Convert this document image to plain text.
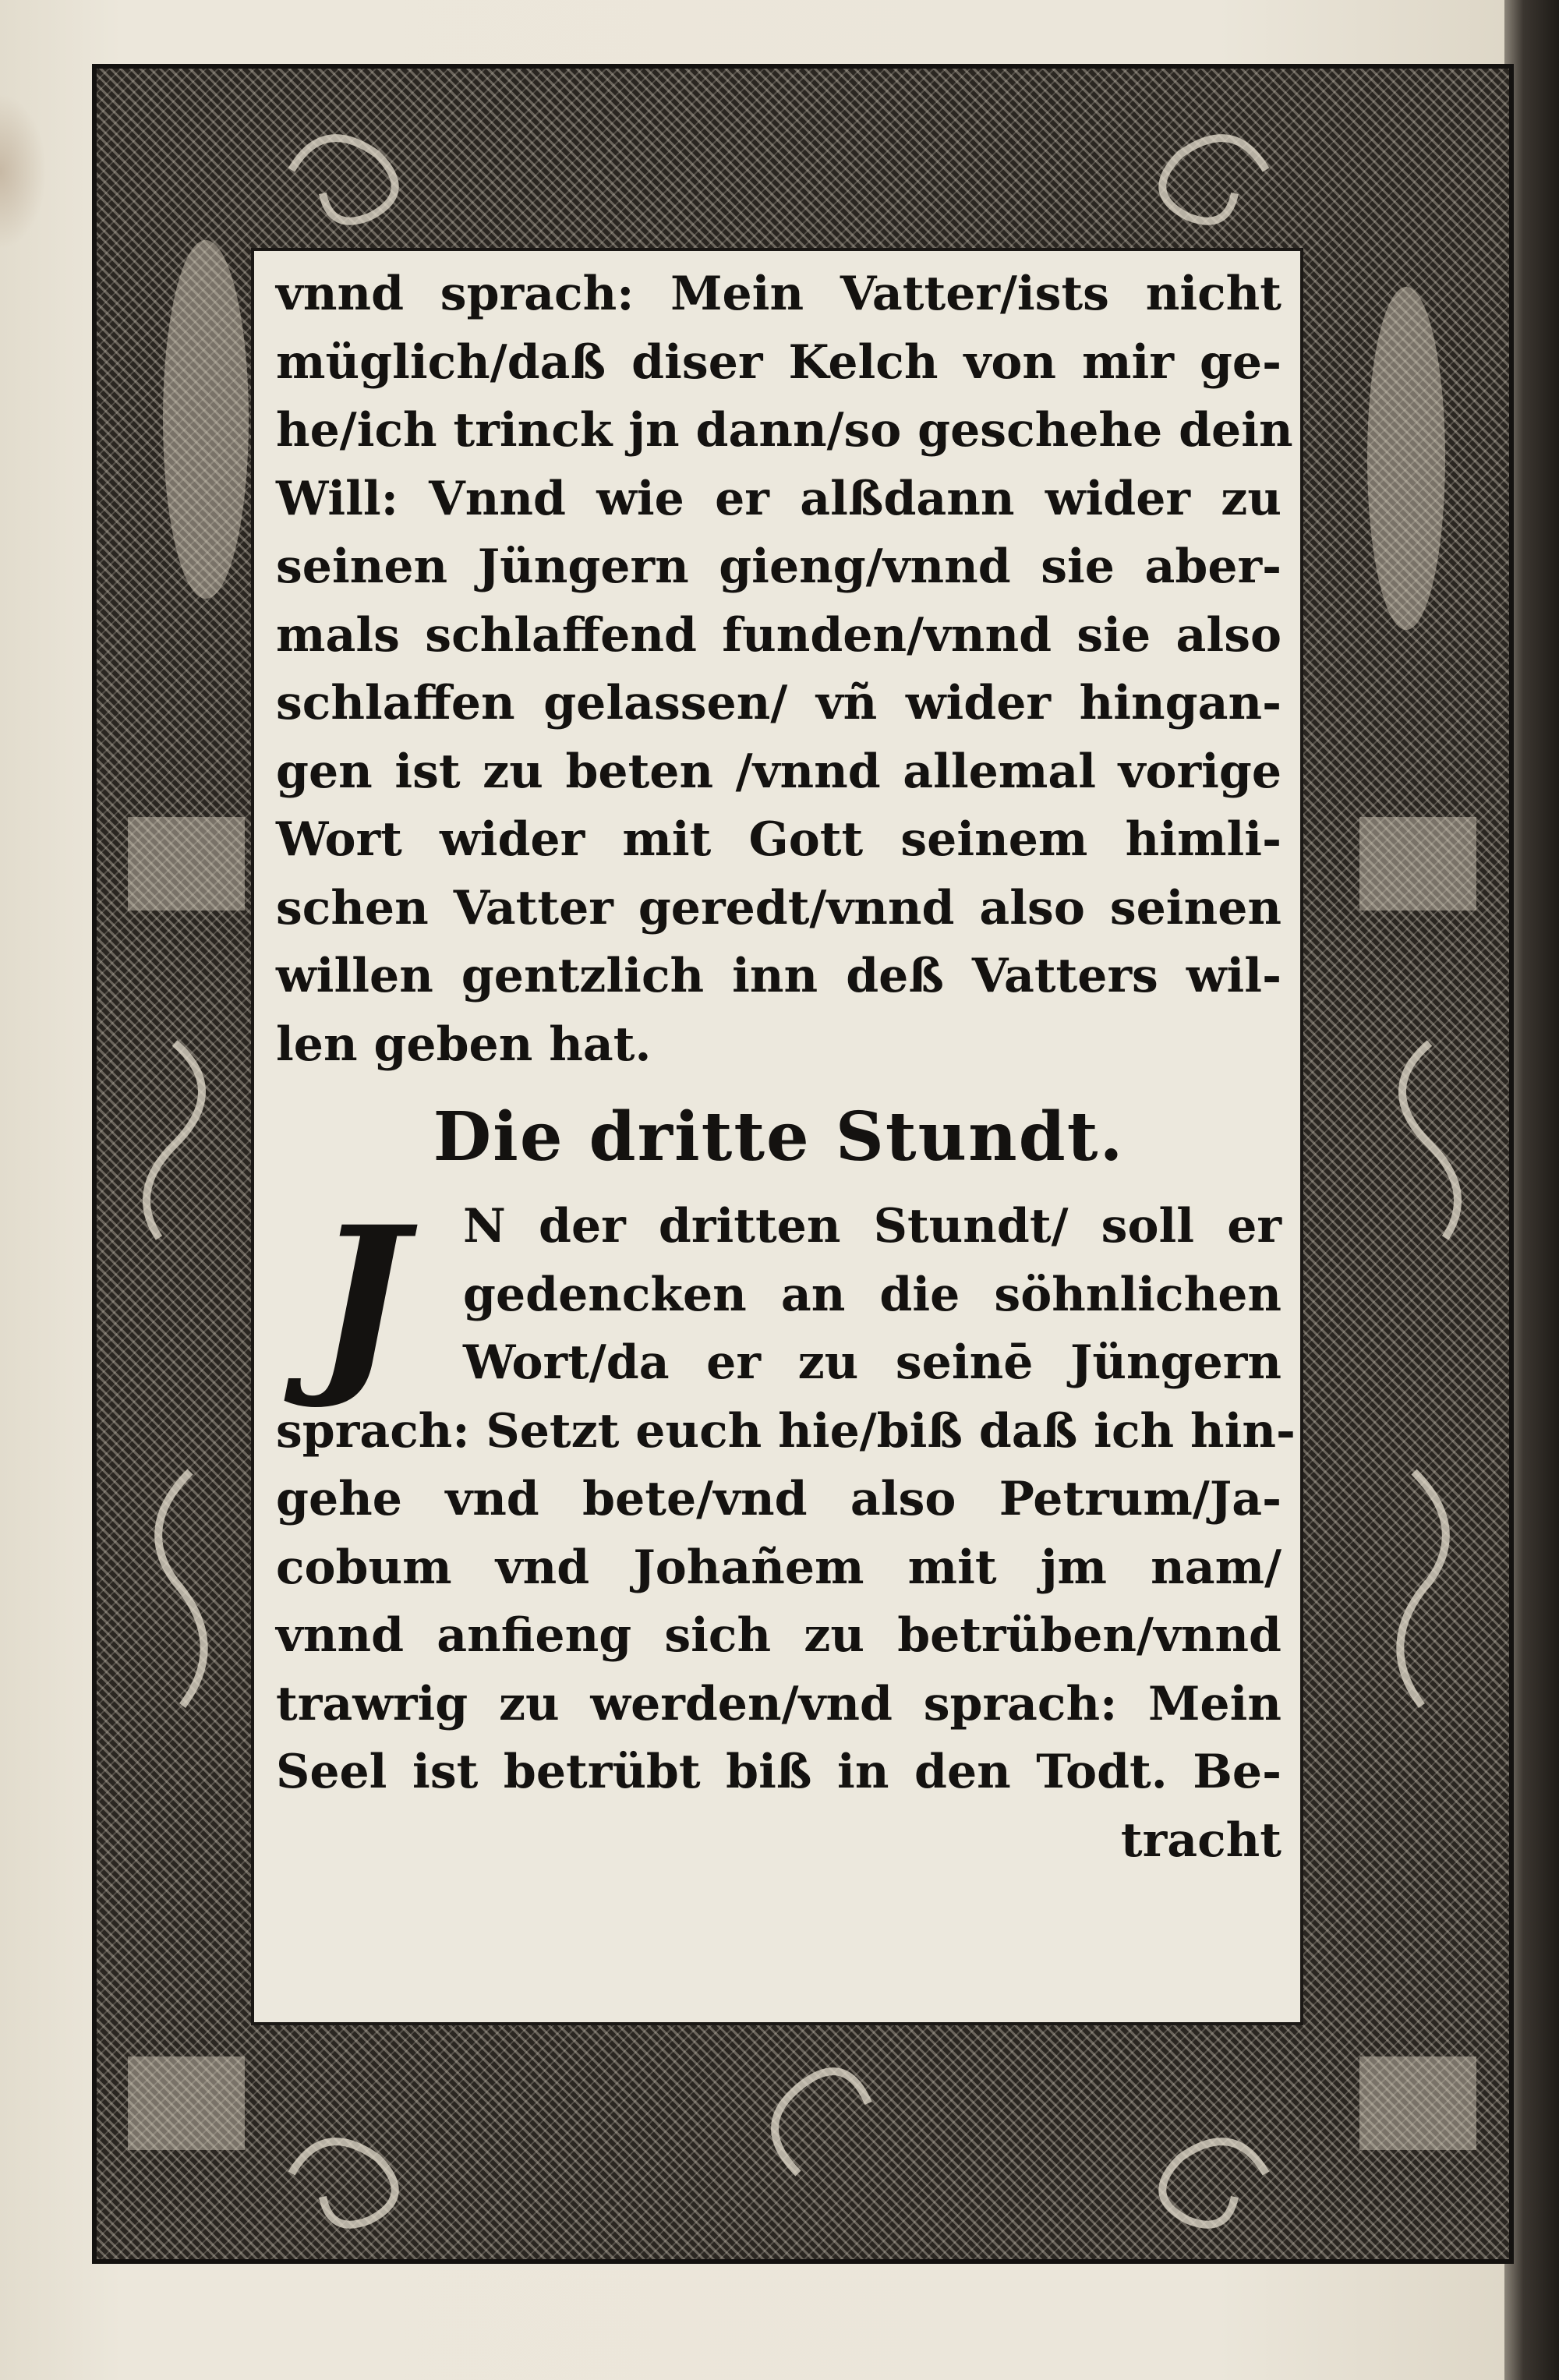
vnnd sprach: Mein Vatter/ists nicht
müglich/daß diser Kelch von mir ge-
he/ich trinck jn dann/so geschehe dein
Will: Vnnd wie er alßdann wider zu
seinen Jüngern gieng/vnnd sie aber-
mals schlaffend funden/vnnd sie also
schlaffen gelassen/ vñ wider hingan-
gen ist zu beten /vnnd allemal vorige
Wort wider mit Gott seinem himli-
schen Vatter geredt/vnnd also seinen
willen gentzlich inn deß Vatters wil-
len geben hat.
Die dritte Stundt.
J	N der dritten Stundt/ soll er
gedencken an die söhnlichen
Wort/da er zu seinē Jüngern
sprach: Setzt euch hie/biß daß ich hin-
gehe vnd bete/vnd also Petrum/Ja-
cobum vnd Johañem mit jm nam/
vnnd anfieng sich zu betrüben/vnnd
trawrig zu werden/vnd sprach: Mein
Seel ist betrübt biß in den Todt. Be-
tracht
